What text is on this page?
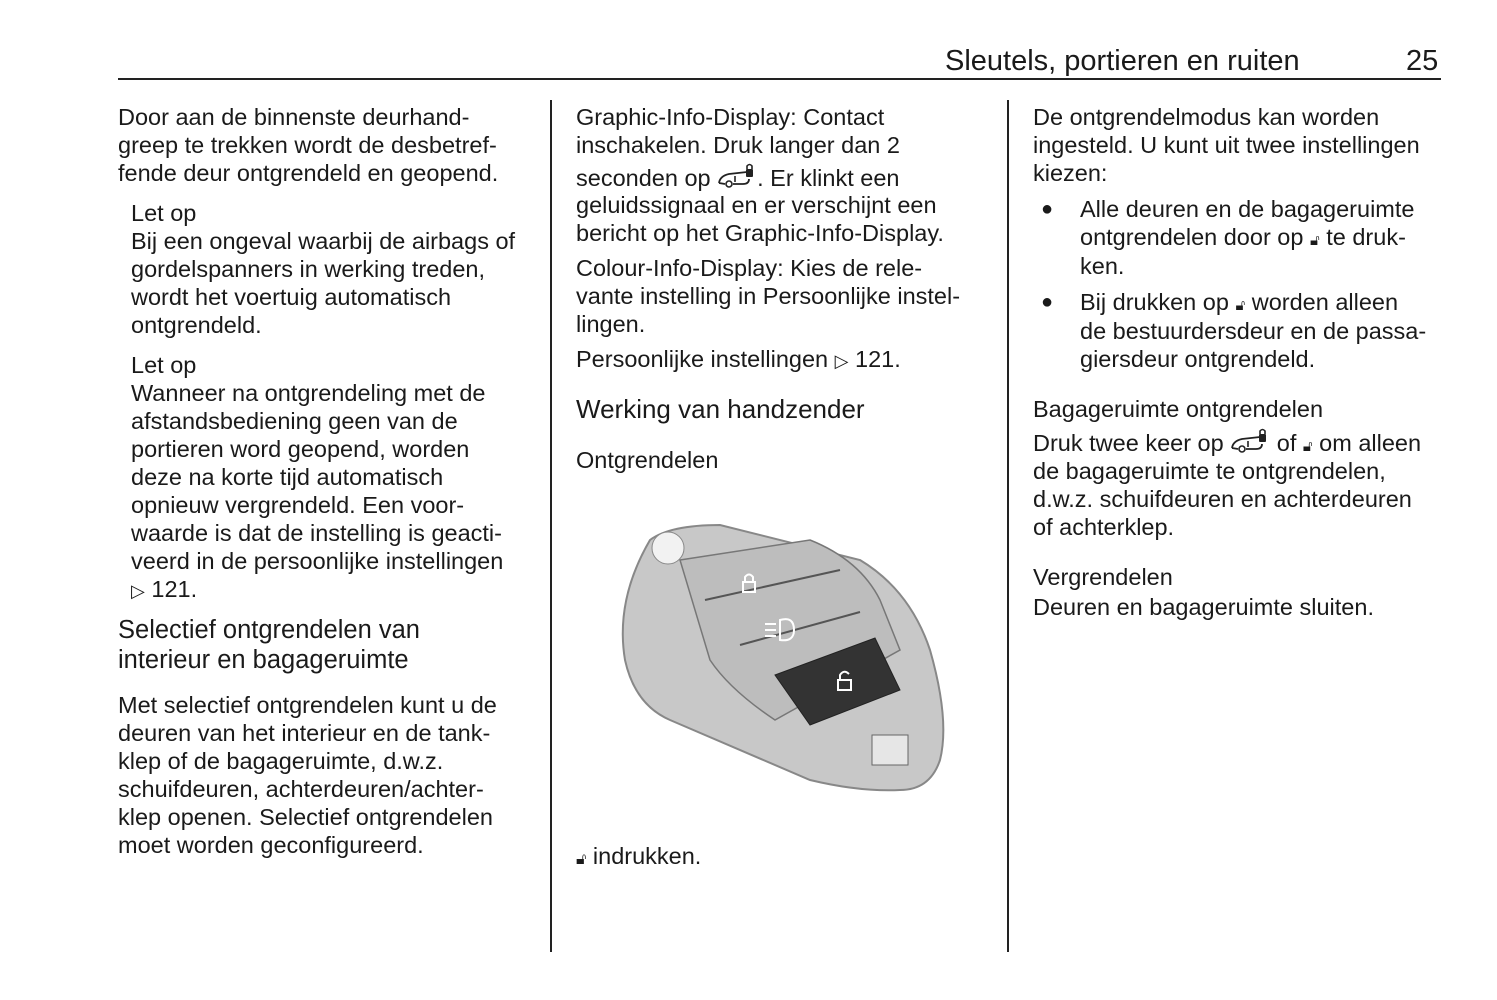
Sleutels, portieren en ruiten	25
Door aan de binnenste deurhand-
greep te trekken wordt de desbetref-
fende deur ontgrendeld en geopend.
Let op
Bij een ongeval waarbij de airbags of
gordelspanners in werking treden,
wordt het voertuig automatisch
ontgrendeld.
Let op
Wanneer na ontgrendeling met de
afstandsbediening geen van de
portieren word geopend, worden
deze na korte tijd automatisch
opnieuw vergrendeld. Een voor-
waarde is dat de instelling is geacti-
veerd in de persoonlijke instellingen
▷ 121.
Selectief ontgrendelen van
interieur en bagageruimte
Met selectief ontgrendelen kunt u de
deuren van het interieur en de tank-
klep of de bagageruimte, d.w.z.
schuifdeuren, achterdeuren/achter-
klep openen. Selectief ontgrendelen
moet worden geconfigureerd.
Graphic-Info-Display: Contact
inschakelen. Druk langer dan 2
seconden op . Er klinkt een
geluidssignaal en er verschijnt een
bericht op het Graphic-Info-Display.
Colour-Info-Display: Kies de rele-
vante instelling in Persoonlijke instel-
lingen.
Persoonlijke instellingen ▷ 121.
Werking van handzender
Ontgrendelen
🔓︎ indrukken.
De ontgrendelmodus kan worden
ingesteld. U kunt uit twee instellingen
kiezen:
● Alle deuren en de bagageruimte
ontgrendelen door op 🔓︎ te druk-
ken.
● Bij drukken op 🔓︎ worden alleen
de bestuurdersdeur en de passa-
giersdeur ontgrendeld.
Bagageruimte ontgrendelen
Druk twee keer op of 🔓︎ om alleen
de bagageruimte te ontgrendelen,
d.w.z. schuifdeuren en achterdeuren
of achterklep.
Vergrendelen
Deuren en bagageruimte sluiten.
